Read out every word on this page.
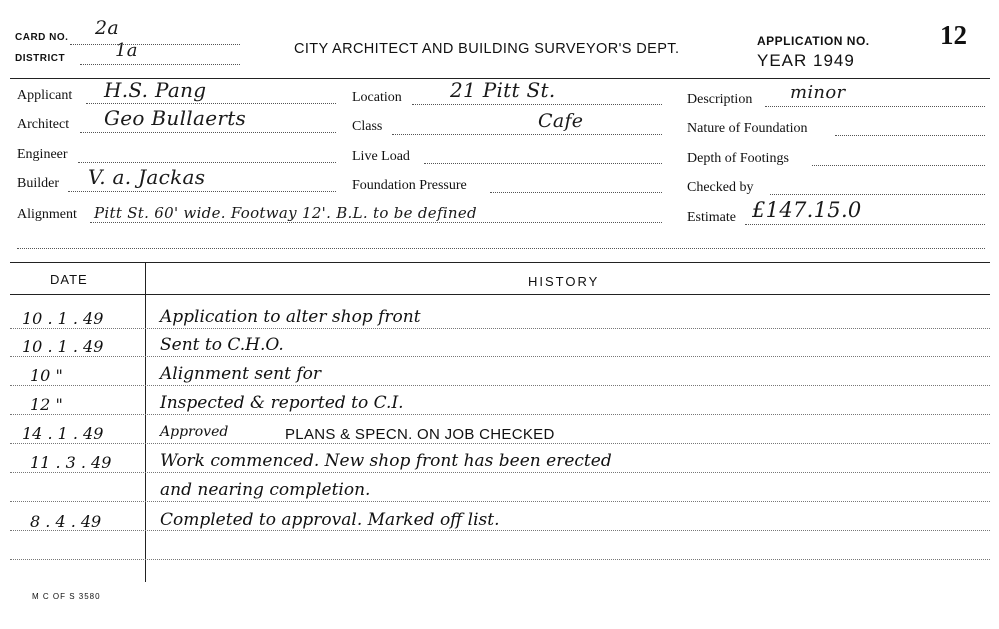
CARD NO. 2a
DISTRICT	1a	CITY ARCHITECT AND BUILDING SURVEYOR'S DEPT.	APPLICATION NO.	12
YEAR 1949
Applicant H.S. Pang	Location 21 Pitt St.	Description minor
Architect Geo Bullaerts	Class	Cafe	Nature of Foundation
Engineer	Live Load	Depth of Footings
Builder V. a. Jackas	Foundation Pressure	Checked by
Alignment Pitt St. 60' wide. Footway 12'. B.L. to be defined	Estimate £147.15.0
DATE	HISTORY
10 . 1 . 49	Application to alter shop front
10 . 1 . 49	Sent to C.H.O.
10 "	Alignment sent for
12 "	Inspected & reported to C.I.
14 . 1 . 49	Approved	PLANS & SPECN. ON JOB CHECKED
11 . 3 . 49	Work commenced. New shop front has been erected
and nearing completion.
8 . 4 . 49	Completed to approval. Marked off list.
M C OF S 3580
